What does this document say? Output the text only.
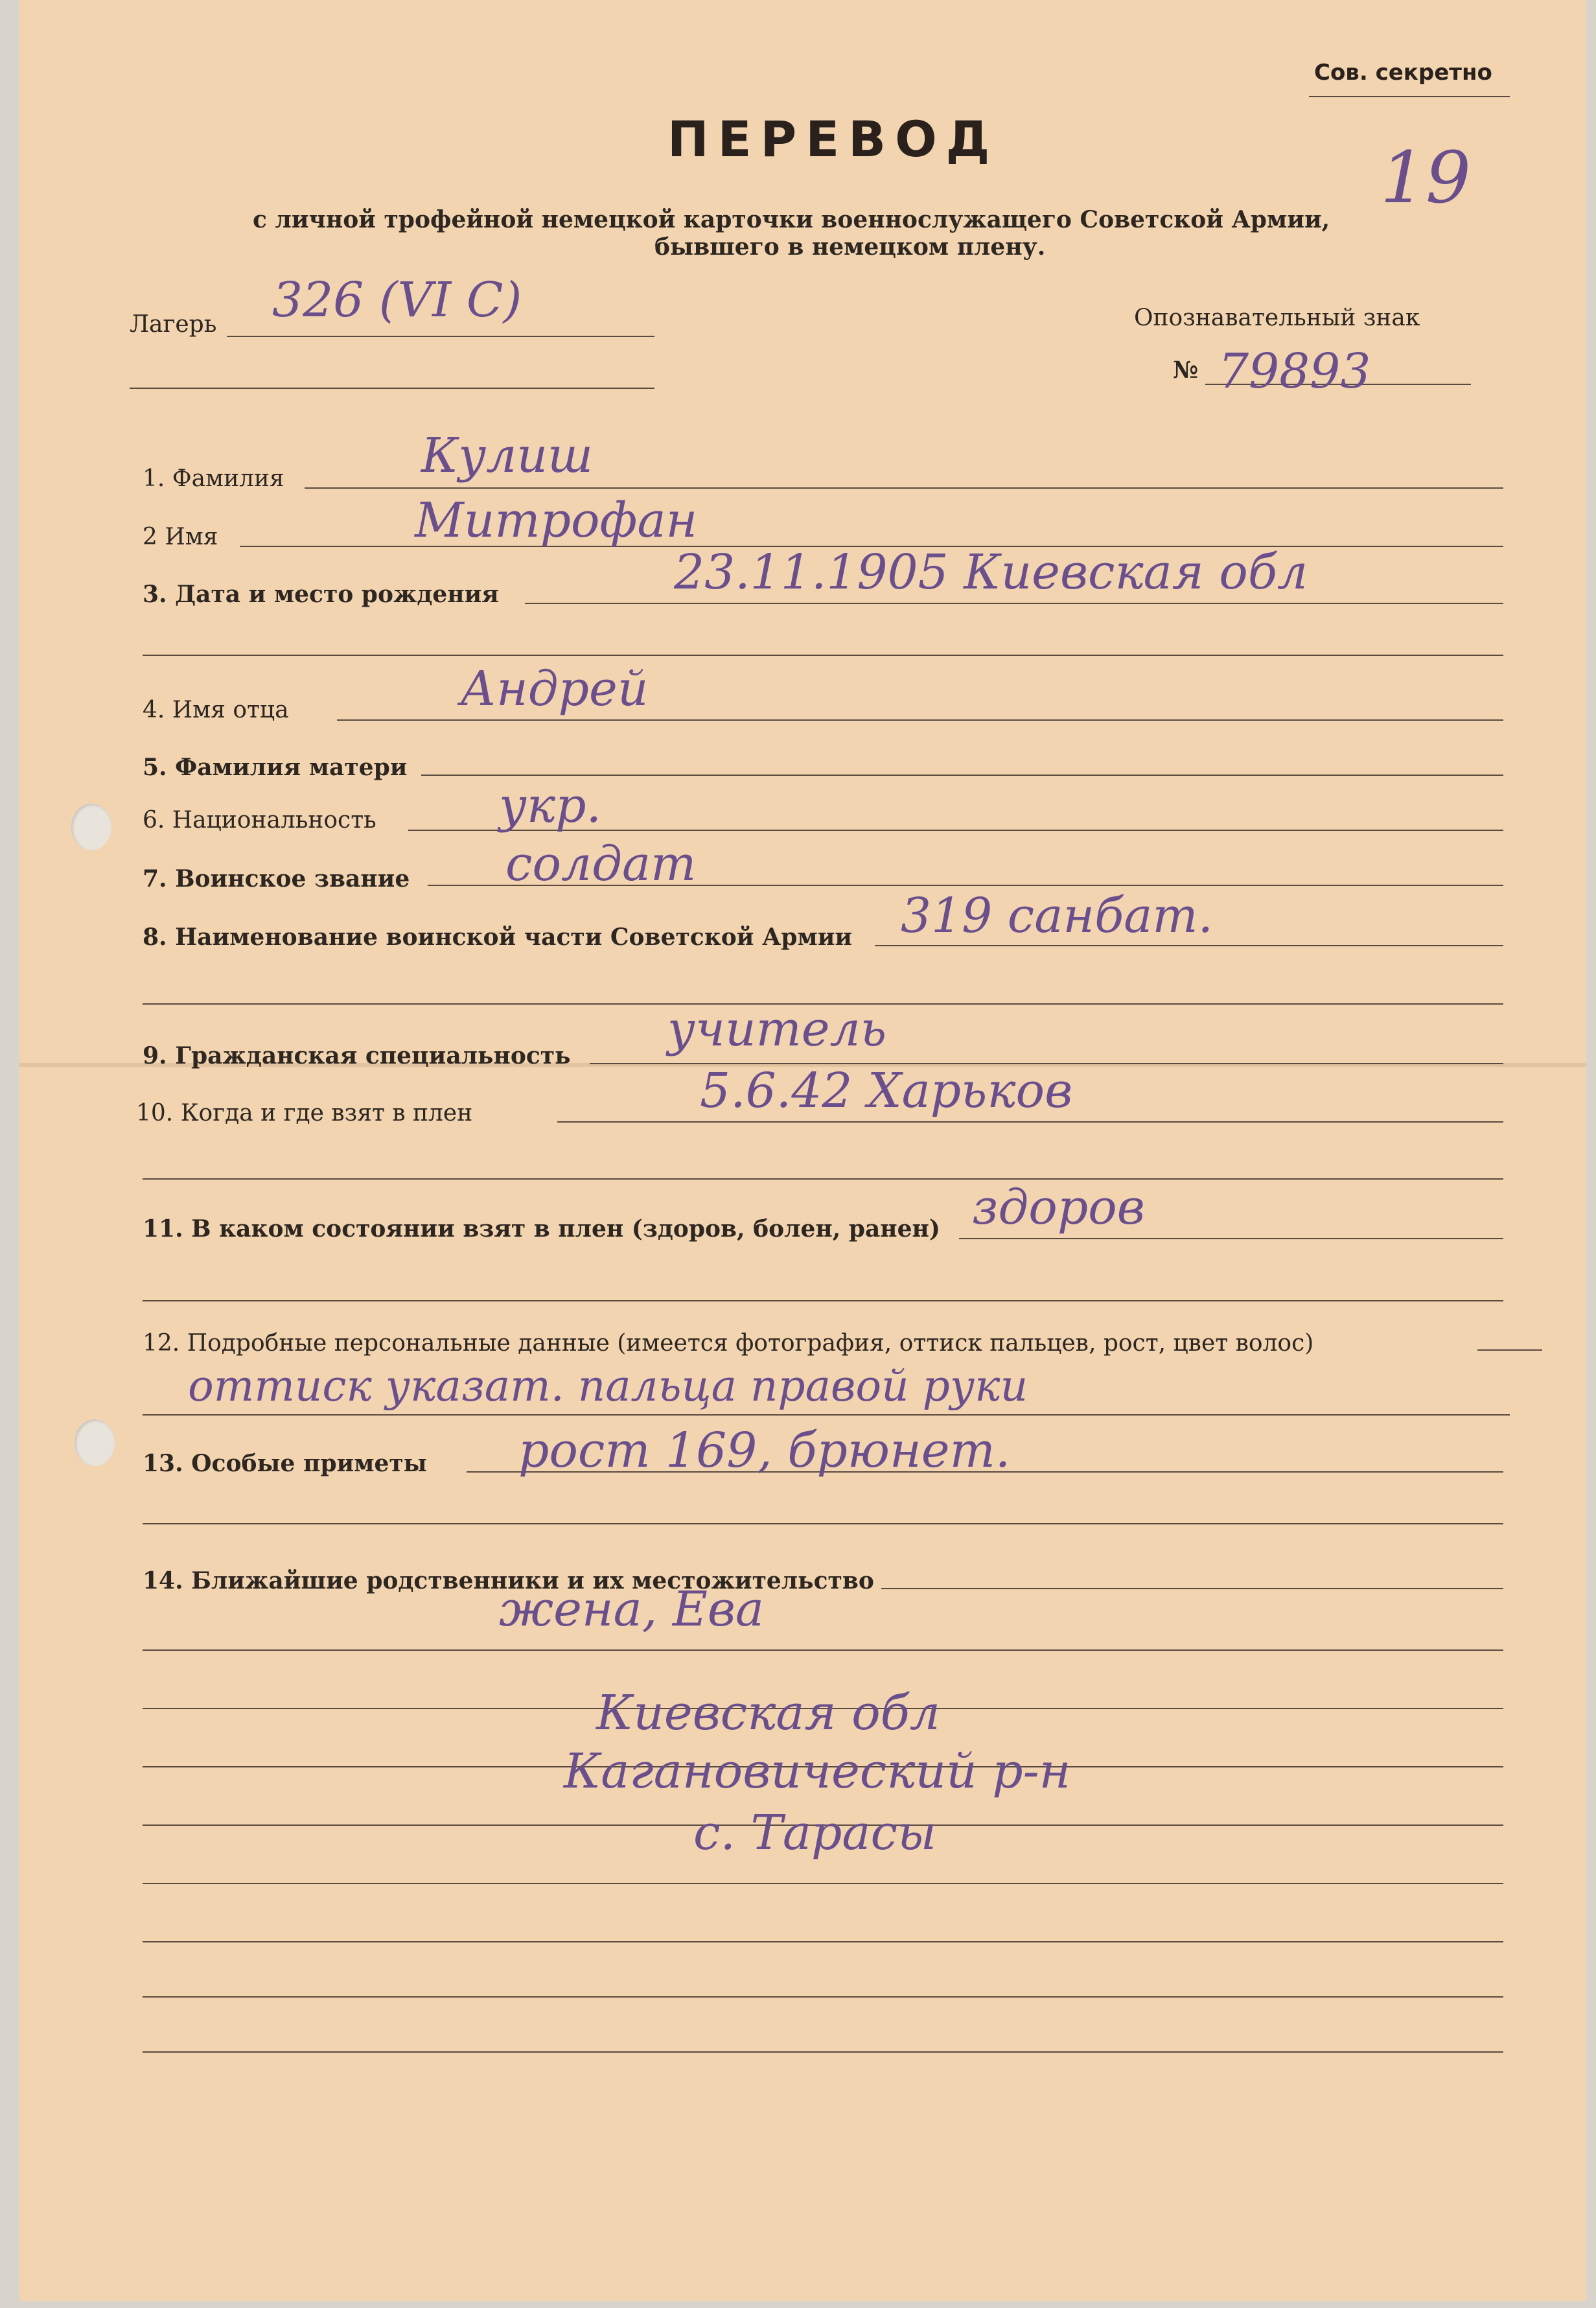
Сов. секретно
ПЕРЕВОД
с личной трофейной немецкой карточки военнослужащего Советской Армии,
бывшего в немецком плену.
19
Лагерь 326 (VI C)	Опознавательный знак
№ 79893
1. Фамилия	Кулиш
2 Имя	Митрофан
3. Дата и место рождения	23.11.1905 Киевская обл
4. Имя отца	Андрей
5. Фамилия матери
6. Национальность	укр.
7. Воинское звание солдат
8. Наименование воинской части Советской Армии 319 санбат.
9. Гражданская специальность учитель
10. Когда и где взят в плен	5.6.42 Харьков
11. В каком состоянии взят в плен (здоров, болен, ранен) здоров
12. Подробные персональные данные (имеется фотография, оттиск пальцев, рост, цвет волос)
оттиск указат. пальца правой руки
13. Особые приметы рост 169, брюнет.
14. Ближайшие родственники и их местожительство
жена, Ева
Киевская обл
Кагановический р-н
с. Тарасы
